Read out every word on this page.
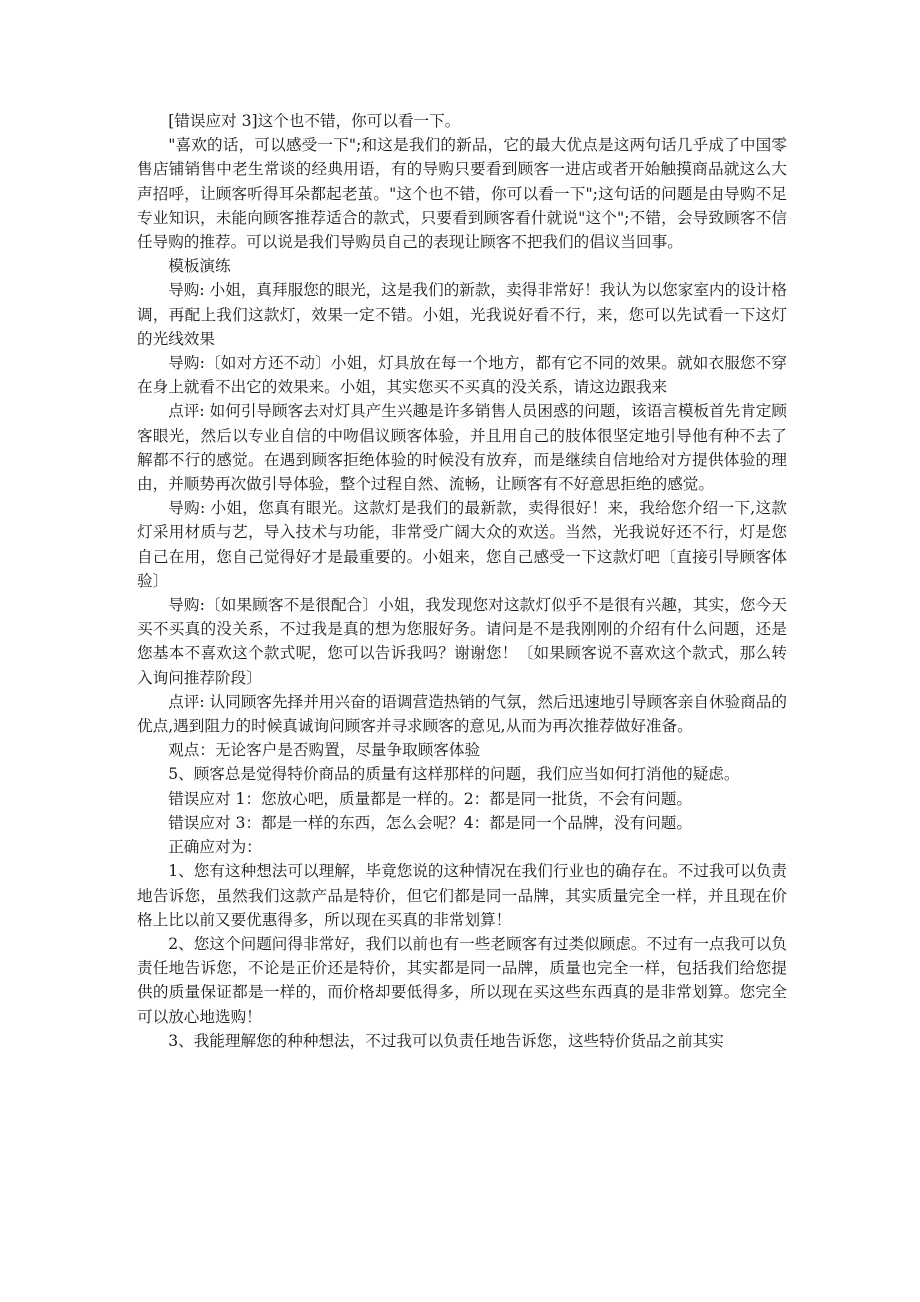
[错误应对 3]这个也不错，你可以看一下。

"喜欢的话，可以感受一下";和这是我们的新品，它的最大优点是这两句话几乎成了中国零售店铺销售中老生常谈的经典用语，有的导购只要看到顾客一进店或者开始触摸商品就这么大声招呼，让顾客听得耳朵都起老茧。"这个也不错，你可以看一下";这句话的问题是由导购不足专业知识，未能向顾客推荐适合的款式，只要看到顾客看什就说"这个";不错，会导致顾客不信任导购的推荐。可以说是我们导购员自己的表现让顾客不把我们的倡议当回事。

模板演练

导购: 小姐，真拜服您的眼光，这是我们的新款，卖得非常好！我认为以您家室内的设计格调，再配上我们这款灯，效果一定不错。小姐，光我说好看不行，来，您可以先试看一下这灯的光线效果

导购:〔如对方还不动〕小姐，灯具放在每一个地方，都有它不同的效果。就如衣服您不穿在身上就看不出它的效果来。小姐，其实您买不买真的没关系，请这边跟我来

点评: 如何引导顾客去对灯具产生兴趣是许多销售人员困惑的问题，该语言模板首先肯定顾客眼光，然后以专业自信的中吻倡议顾客体验，并且用自己的肢体很坚定地引导他有种不去了解都不行的感觉。在遇到顾客拒绝体验的时候没有放弃，而是继续自信地给对方提供体验的理由，并顺势再次做引导体验，整个过程自然、流畅，让顾客有不好意思拒绝的感觉。

导购: 小姐，您真有眼光。这款灯是我们的最新款，卖得很好！来，我给您介绍一下,这款灯采用材质与艺，导入技术与功能，非常受广阔大众的欢送。当然，光我说好还不行，灯是您自己在用，您自己觉得好才是最重要的。小姐来，您自己感受一下这款灯吧〔直接引导顾客体验〕

导购:〔如果顾客不是很配合〕小姐，我发现您对这款灯似乎不是很有兴趣，其实，您今天买不买真的没关系，不过我是真的想为您服好务。请问是不是我刚刚的介绍有什么问题，还是您基本不喜欢这个款式呢，您可以告诉我吗？谢谢您！〔如果顾客说不喜欢这个款式，那么转入询问推荐阶段〕

点评: 认同顾客先择并用兴奋的语调营造热销的气氛，然后迅速地引导顾客亲自休验商品的优点,遇到阻力的时候真诚询问顾客并寻求顾客的意见,从而为再次推荐做好准备。

观点：无论客户是否购置，尽量争取顾客体验

5、顾客总是觉得特价商品的质量有这样那样的问题，我们应当如何打消他的疑虑。

错误应对 1：您放心吧，质量都是一样的。2：都是同一批货，不会有问题。

错误应对 3：都是一样的东西，怎么会呢？4：都是同一个品牌，没有问题。

正确应对为：

1、您有这种想法可以理解，毕竟您说的这种情况在我们行业也的确存在。不过我可以负责地告诉您，虽然我们这款产品是特价，但它们都是同一品牌，其实质量完全一样，并且现在价格上比以前又要优惠得多，所以现在买真的非常划算！

2、您这个问题问得非常好，我们以前也有一些老顾客有过类似顾虑。不过有一点我可以负责任地告诉您，不论是正价还是特价，其实都是同一品牌，质量也完全一样，包括我们给您提供的质量保证都是一样的，而价格却要低得多，所以现在买这些东西真的是非常划算。您完全可以放心地选购！

3、我能理解您的种种想法，不过我可以负责任地告诉您，这些特价货品之前其实
